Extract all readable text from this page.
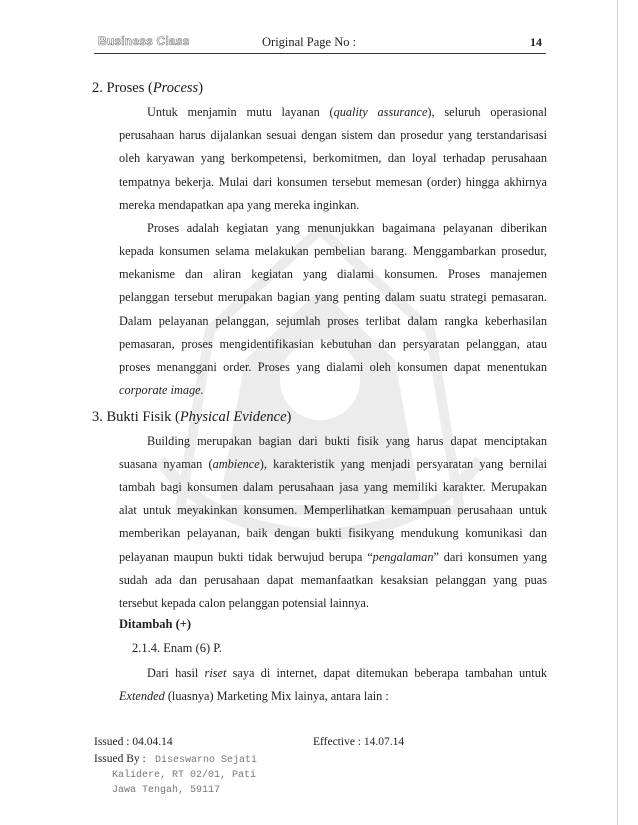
Business Class	Original Page No :	14
2. Proses (Process)
Untuk menjamin mutu layanan (quality assurance), seluruh operasional
perusahaan harus dijalankan sesuai dengan sistem dan prosedur yang terstandarisasi
oleh karyawan yang berkompetensi, berkomitmen, dan loyal terhadap perusahaan
tempatnya bekerja. Mulai dari konsumen tersebut memesan (order) hingga akhirnya
mereka mendapatkan apa yang mereka inginkan.
Proses adalah kegiatan yang menunjukkan bagaimana pelayanan diberikan
kepada konsumen selama melakukan pembelian barang. Menggambarkan prosedur,
mekanisme dan aliran kegiatan yang dialami konsumen. Proses manajemen
pelanggan tersebut merupakan bagian yang penting dalam suatu strategi pemasaran.
Dalam pelayanan pelanggan, sejumlah proses terlibat dalam rangka keberhasilan
pemasaran, proses mengidentifikasian kebutuhan dan persyaratan pelanggan, atau
proses menangganі order. Proses yang dialami oleh konsumen dapat menentukan
corporate image.
3. Bukti Fisik (Physical Evidence)
Building merupakan bagian dari bukti fisik yang harus dapat menciptakan
suasana nyaman (ambience), karakteristik yang menjadi persyaratan yang bernilai
tambah bagi konsumen dalam perusahaan jasa yang memiliki karakter. Merupakan
alat untuk meyakinkan konsumen. Memperlihatkan kemampuan perusahaan untuk
memberikan pelayanan, baik dengan bukti fisikyang mendukung komunikasi dan
pelayanan maupun bukti tidak berwujud berupa “pengalaman” dari konsumen yang
sudah ada dan perusahaan dapat memanfaatkan kesaksian pelanggan yang puas
tersebut kepada calon pelanggan potensial lainnya.
Ditambah (+)
2.1.4. Enam (6) P.
Dari hasil riset saya di internet, dapat ditemukan beberapa tambahan untuk
Extended (luasnya) Marketing Mix lainya, antara lain :
Issued : 04.04.14	Effective : 14.07.14
Issued By : Diseswarno Sejati
Kalidere, RT 02/01, Pati
Jawa Tengah, 59117
